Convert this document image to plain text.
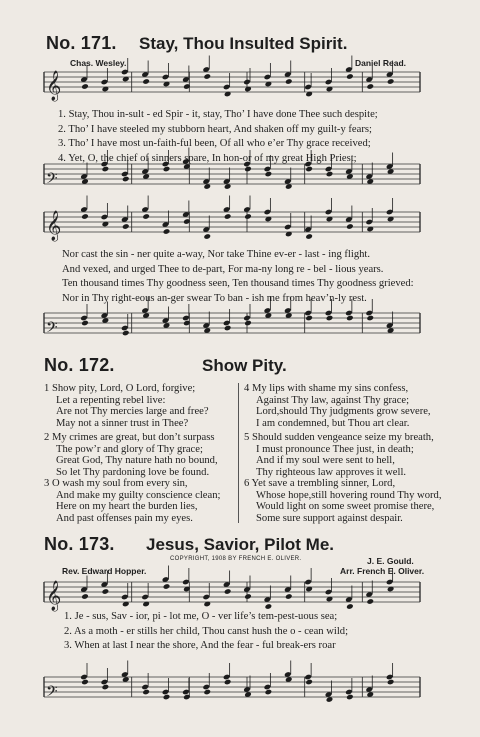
No. 171. Stay, Thou Insulted Spirit.
Chas. Wesley.	Daniel Read.
𝄞
𝄢
1. Stay, Thou in-sult - ed Spir - it, stay, Tho’ I have done Thee such despite;
2. Tho’ I have steeled my stubborn heart, And shaken off my guilt-y fears;
3. Tho’ I have most un-faith-ful been, Of all who e’er Thy grace received;
4. Yet, O, the chief of sinners spare, In hon-or of my great High Priest;
𝄞
𝄢
Nor cast the sin - ner quite a-way, Nor take Thine ev-er - last - ing flight.
And vexed, and urged Thee to de-part, For ma-ny long re - bel - lious years.
Ten thousand times Thy goodness seen, Ten thousand times Thy goodness grieved:
Nor in Thy right-eous an-ger swear To ban - ish me from heav’n-ly rest.
No. 172.	Show Pity.
1 Show pity, Lord, O Lord, forgive;
Let a repenting rebel live:
Are not Thy mercies large and free?
May not a sinner trust in Thee?
2 My crimes are great, but don’t surpass
The pow’r and glory of Thy grace;
Great God, Thy nature hath no bound,
So let Thy pardoning love be found.
3 O wash my soul from every sin,
And make my guilty conscience clean;
Here on my heart the burden lies,
And past offenses pain my eyes.
4 My lips with shame my sins confess,
Against Thy law, against Thy grace;
Lord,should Thy judgments grow severe,
I am condemned, but Thou art clear.
5 Should sudden vengeance seize my breath,
I must pronounce Thee just, in death;
And if my soul were sent to hell,
Thy righteous law approves it well.
6 Yet save a trembling sinner, Lord,
Whose hope,still hovering round Thy word,
Would light on some sweet promise there,
Some sure support against despair.
No. 173. Jesus, Savior, Pilot Me.
COPYRIGHT, 1908 BY FRENCH E. OLIVER.	J. E. Gould.
Rev. Edward Hopper.	Arr. French E. Oliver.
𝄞
𝄢
1. Je - sus, Sav - ior, pi - lot me, O - ver life’s tem-pest-uous sea;
2. As a moth - er stills her child, Thou canst hush the o - cean wild;
3. When at last I near the shore, And the fear - ful break-ers roar
